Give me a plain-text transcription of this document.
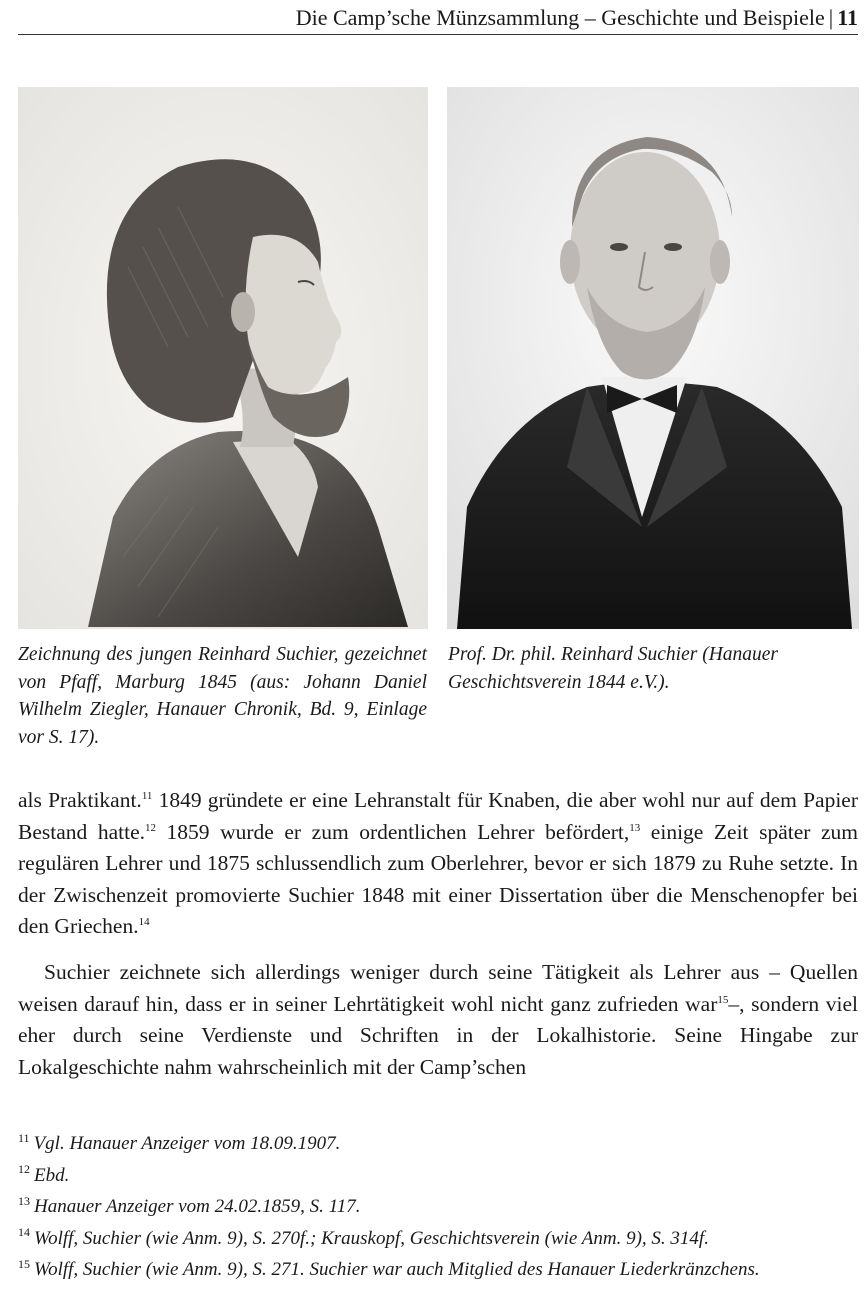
Die Camp’sche Münzsammlung – Geschichte und Beispiele | 11
Zeichnung des jungen Reinhard Suchier, gezeichnet von Pfaff, Marburg 1845 (aus: Johann Daniel Wilhelm Ziegler, Hanauer Chronik, Bd. 9, Einlage vor S. 17).
Prof. Dr. phil. Reinhard Suchier (Hanauer Geschichtsverein 1844 e.V.).

als Praktikant.$^{11}$ 1849 gründete er eine Lehranstalt für Knaben, die aber wohl nur auf dem Papier Bestand hatte.$^{12}$ 1859 wurde er zum ordentlichen Lehrer befördert,$^{13}$ einige Zeit später zum regulären Lehrer und 1875 schlussendlich zum Oberlehrer, bevor er sich 1879 zu Ruhe setzte. In der Zwischenzeit promovierte Suchier 1848 mit einer Dissertation über die Menschenopfer bei den Griechen.$^{14}$

Suchier zeichnete sich allerdings weniger durch seine Tätigkeit als Lehrer aus – Quellen weisen darauf hin, dass er in seiner Lehrtätigkeit wohl nicht ganz zufrieden war$^{15}$–, sondern viel eher durch seine Verdienste und Schriften in der Lokalhistorie. Seine Hingabe zur Lokalgeschichte nahm wahrscheinlich mit der Camp’schen

$^{11}$ Vgl. Hanauer Anzeiger vom 18.09.1907.
$^{12}$ Ebd.
$^{13}$ Hanauer Anzeiger vom 24.02.1859, S. 117.
$^{14}$ Wolff, Suchier (wie Anm. 9), S. 270f.; Krauskopf, Geschichtsverein (wie Anm. 9), S. 314f.
$^{15}$ Wolff, Suchier (wie Anm. 9), S. 271. Suchier war auch Mitglied des Hanauer Liederkränzchens.
